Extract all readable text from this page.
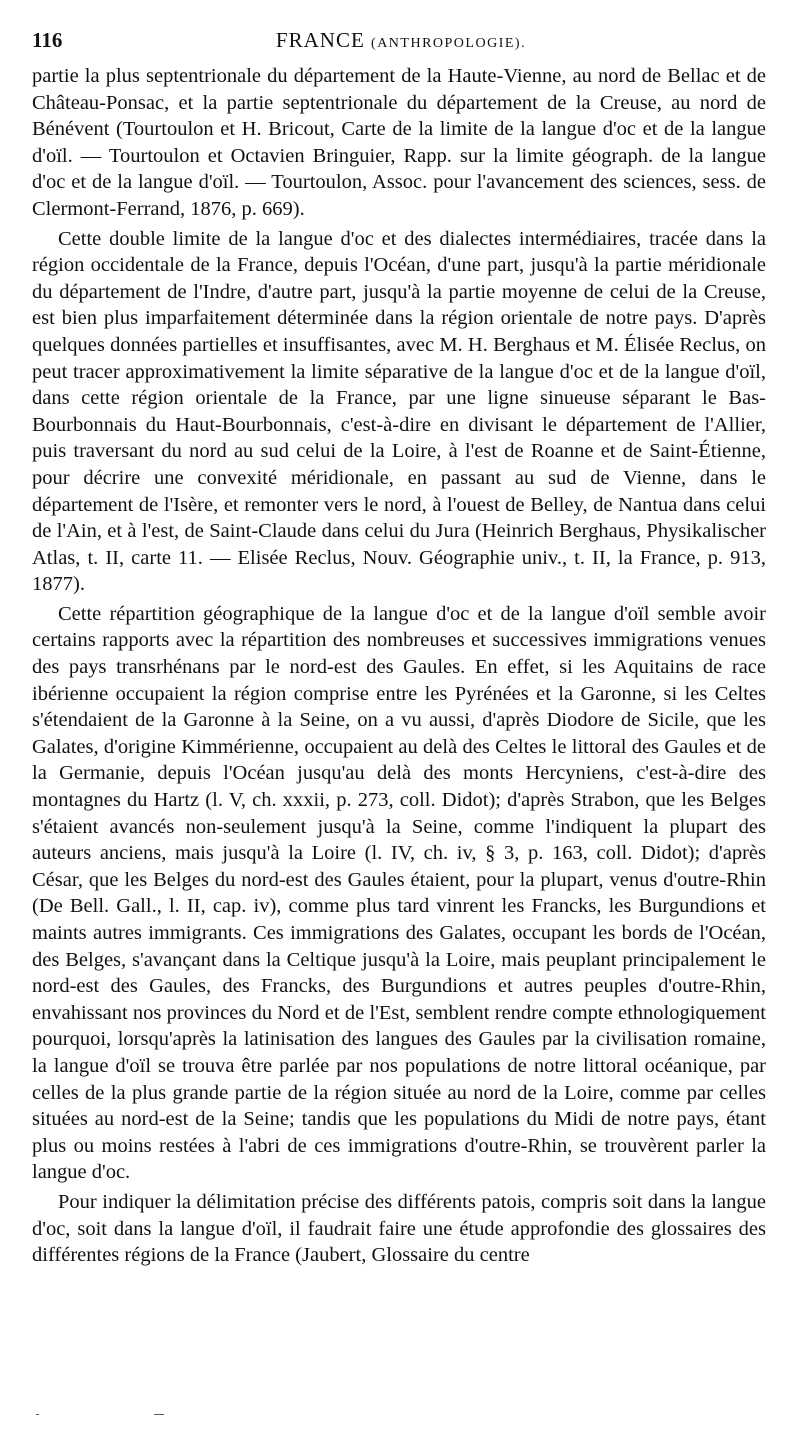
116	FRANCE (ANTHROPOLOGIE).

partie la plus septentrionale du département de la Haute-Vienne, au nord de Bellac et de Château-Ponsac, et la partie septentrionale du département de la Creuse, au nord de Bénévent (Tourtoulon et H. Bricout, Carte de la limite de la langue d'oc et de la langue d'oïl. — Tourtoulon et Octavien Bringuier, Rapp. sur la limite géograph. de la langue d'oc et de la langue d'oïl. — Tourtoulon, Assoc. pour l'avancement des sciences, sess. de Clermont-Ferrand, 1876, p. 669).

Cette double limite de la langue d'oc et des dialectes intermédiaires, tracée dans la région occidentale de la France, depuis l'Océan, d'une part, jusqu'à la partie méridionale du département de l'Indre, d'autre part, jusqu'à la partie moyenne de celui de la Creuse, est bien plus imparfaitement déterminée dans la région orientale de notre pays. D'après quelques données partielles et insuffisantes, avec M. H. Berghaus et M. Élisée Reclus, on peut tracer approximativement la limite séparative de la langue d'oc et de la langue d'oïl, dans cette région orientale de la France, par une ligne sinueuse séparant le Bas-Bourbonnais du Haut-Bourbonnais, c'est-à-dire en divisant le département de l'Allier, puis traversant du nord au sud celui de la Loire, à l'est de Roanne et de Saint-Étienne, pour décrire une convexité méridionale, en passant au sud de Vienne, dans le département de l'Isère, et remonter vers le nord, à l'ouest de Belley, de Nantua dans celui de l'Ain, et à l'est, de Saint-Claude dans celui du Jura (Heinrich Berghaus, Physikalischer Atlas, t. II, carte 11. — Elisée Reclus, Nouv. Géographie univ., t. II, la France, p. 913, 1877).

Cette répartition géographique de la langue d'oc et de la langue d'oïl semble avoir certains rapports avec la répartition des nombreuses et successives immigrations venues des pays transrhénans par le nord-est des Gaules. En effet, si les Aquitains de race ibérienne occupaient la région comprise entre les Pyrénées et la Garonne, si les Celtes s'étendaient de la Garonne à la Seine, on a vu aussi, d'après Diodore de Sicile, que les Galates, d'origine Kimmérienne, occupaient au delà des Celtes le littoral des Gaules et de la Germanie, depuis l'Océan jusqu'au delà des monts Hercyniens, c'est-à-dire des montagnes du Hartz (l. V, ch. xxxii, p. 273, coll. Didot); d'après Strabon, que les Belges s'étaient avancés non-seulement jusqu'à la Seine, comme l'indiquent la plupart des auteurs anciens, mais jusqu'à la Loire (l. IV, ch. iv, § 3, p. 163, coll. Didot); d'après César, que les Belges du nord-est des Gaules étaient, pour la plupart, venus d'outre-Rhin (De Bell. Gall., l. II, cap. iv), comme plus tard vinrent les Francks, les Burgundions et maints autres immigrants. Ces immigrations des Galates, occupant les bords de l'Océan, des Belges, s'avançant dans la Celtique jusqu'à la Loire, mais peuplant principalement le nord-est des Gaules, des Francks, des Burgundions et autres peuples d'outre-Rhin, envahissant nos provinces du Nord et de l'Est, semblent rendre compte ethnologiquement pourquoi, lorsqu'après la latinisation des langues des Gaules par la civilisation romaine, la langue d'oïl se trouva être parlée par nos populations de notre littoral océanique, par celles de la plus grande partie de la région située au nord de la Loire, comme par celles situées au nord-est de la Seine; tandis que les populations du Midi de notre pays, étant plus ou moins restées à l'abri de ces immigrations d'outre-Rhin, se trouvèrent parler la langue d'oc.

Pour indiquer la délimitation précise des différents patois, compris soit dans la langue d'oc, soit dans la langue d'oïl, il faudrait faire une étude approfondie des glossaires des différentes régions de la France (Jaubert, Glossaire du centre
